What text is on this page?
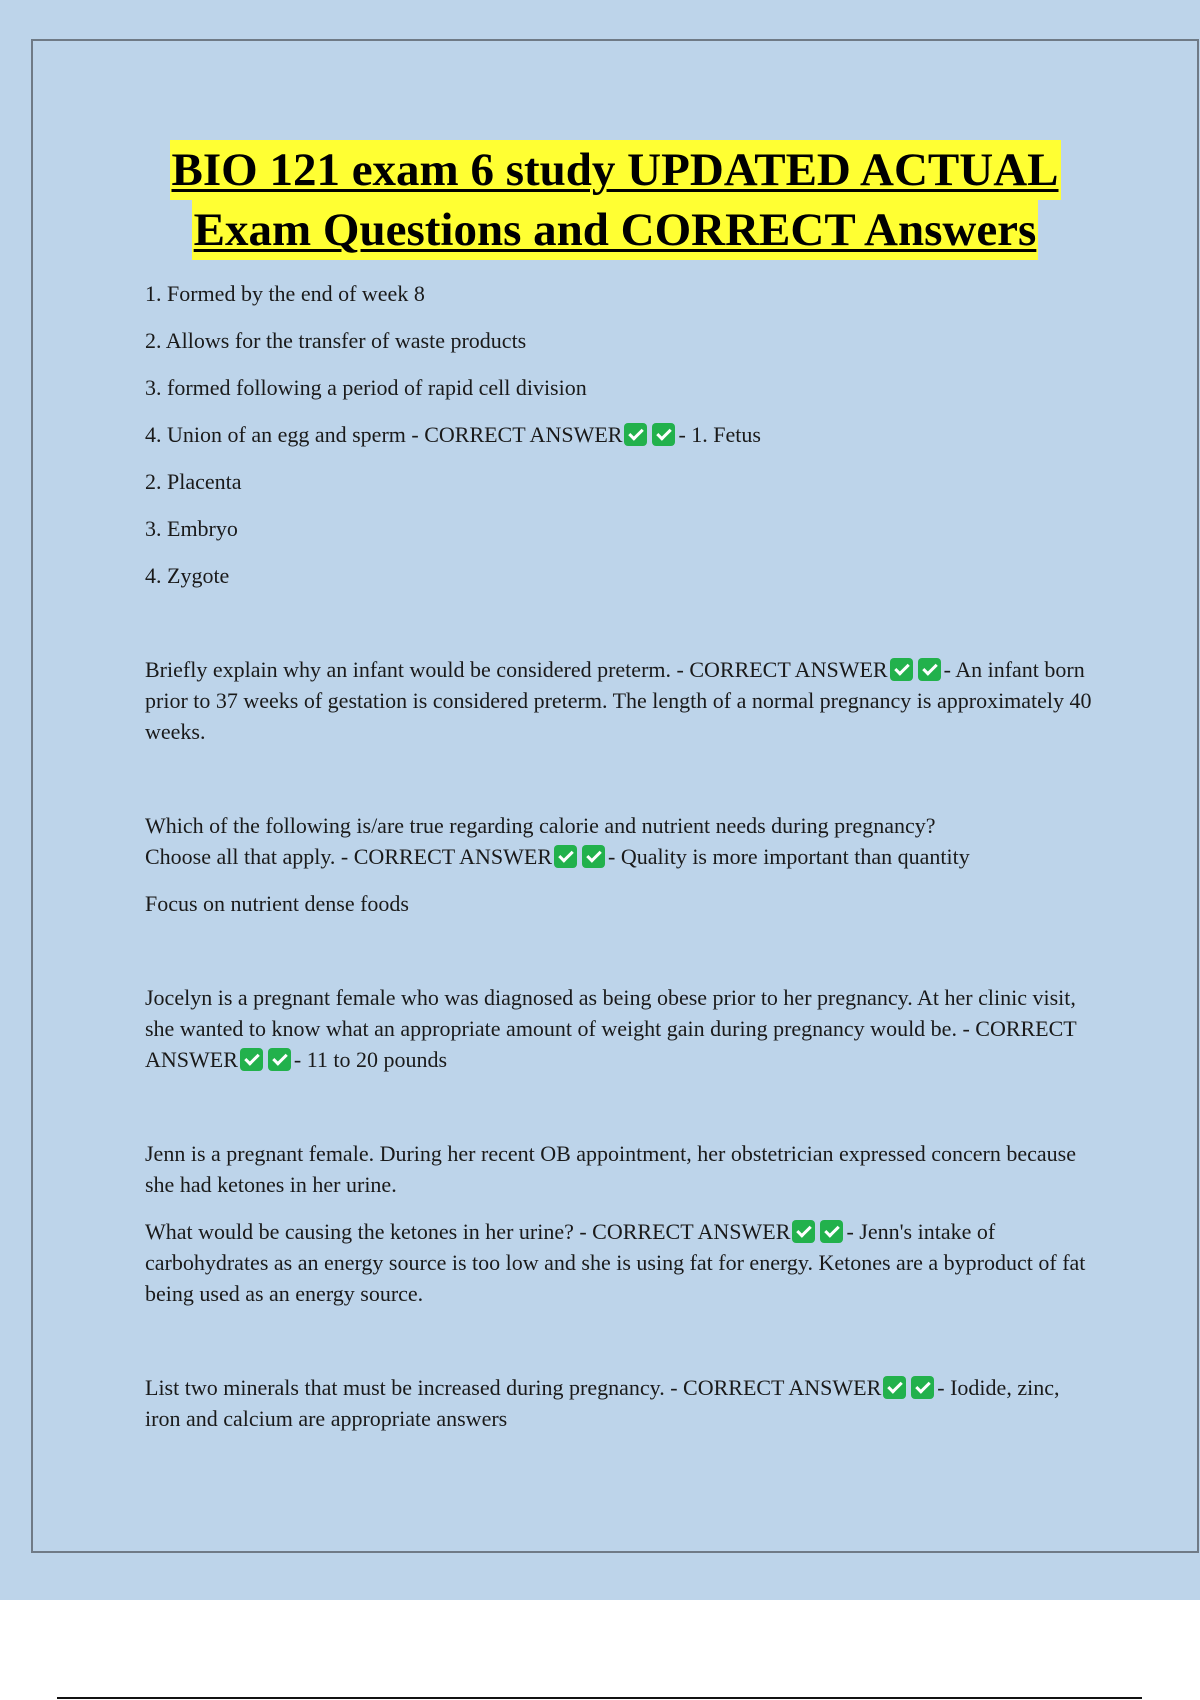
BIO 121 exam 6 study UPDATED ACTUAL
Exam Questions and CORRECT Answers

1. Formed by the end of week 8

2. Allows for the transfer of waste products

3. formed following a period of rapid cell division

4. Union of an egg and sperm - CORRECT ANSWER	- 1. Fetus

2. Placenta

3. Embryo

4. Zygote

Briefly explain why an infant would be considered preterm. - CORRECT ANSWER	- An infant born prior to 37 weeks of gestation is considered preterm. The length of a normal pregnancy is approximately 40 weeks.

Which of the following is/are true regarding calorie and nutrient needs during pregnancy?

Choose all that apply. - CORRECT ANSWER	- Quality is more important than quantity

Focus on nutrient dense foods

Jocelyn is a pregnant female who was diagnosed as being obese prior to her pregnancy. At her clinic visit, she wanted to know what an appropriate amount of weight gain during pregnancy would be. - CORRECT ANSWER	- 11 to 20 pounds

Jenn is a pregnant female. During her recent OB appointment, her obstetrician expressed concern because she had ketones in her urine.

What would be causing the ketones in her urine? - CORRECT ANSWER	- Jenn's intake of carbohydrates as an energy source is too low and she is using fat for energy. Ketones are a byproduct of fat being used as an energy source.

List two minerals that must be increased during pregnancy. - CORRECT ANSWER	- Iodide, zinc, iron and calcium are appropriate answers
